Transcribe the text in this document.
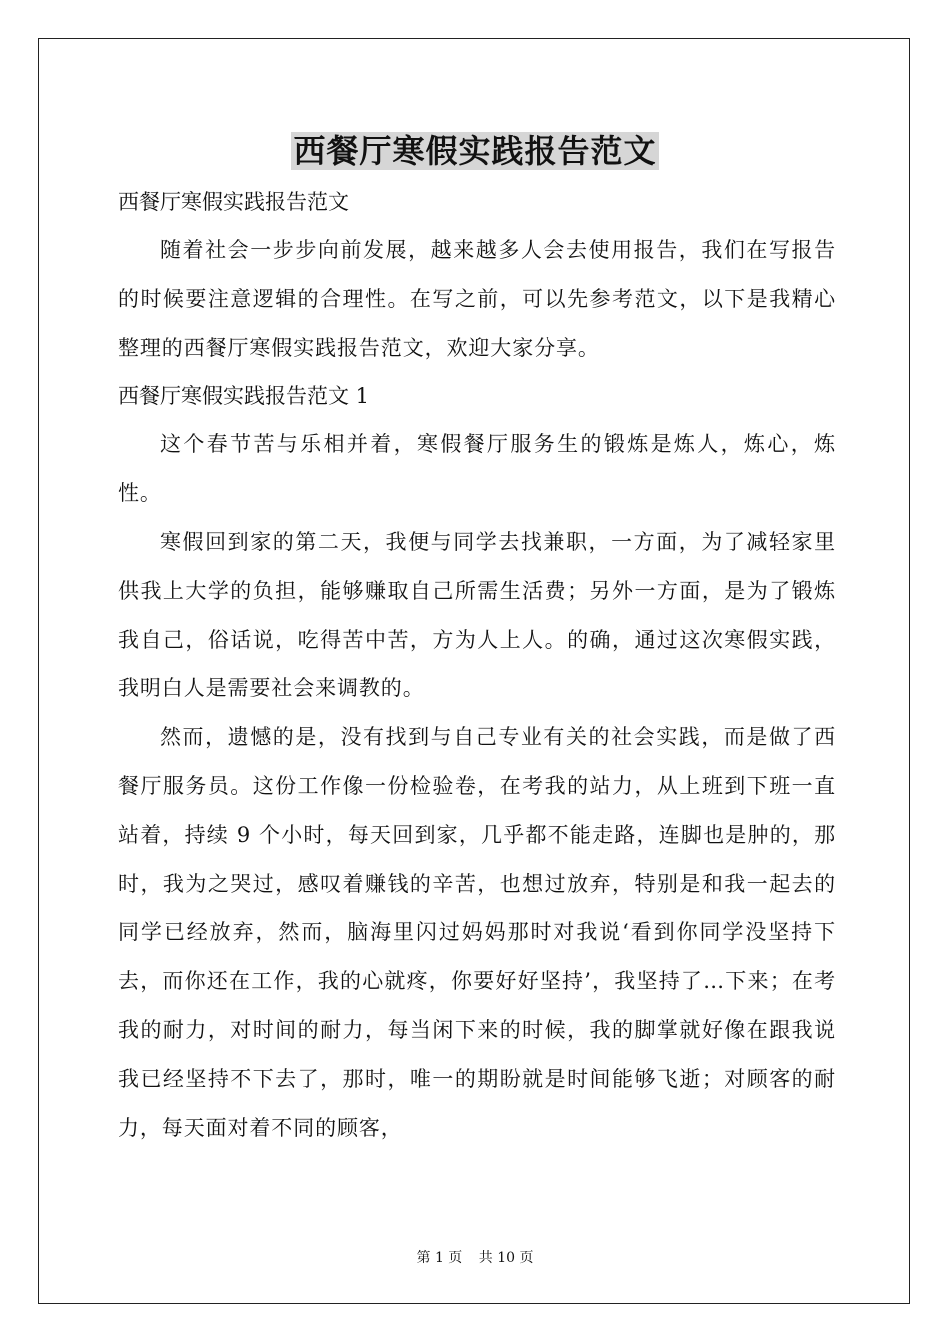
西餐厅寒假实践报告范文

西餐厅寒假实践报告范文

随着社会一步步向前发展，越来越多人会去使用报告，我们在写报告的时候要注意逻辑的合理性。在写之前，可以先参考范文，以下是我精心整理的西餐厅寒假实践报告范文，欢迎大家分享。

西餐厅寒假实践报告范文 1

这个春节苦与乐相并着，寒假餐厅服务生的锻炼是炼人，炼心，炼性。

寒假回到家的第二天，我便与同学去找兼职，一方面，为了减轻家里供我上大学的负担，能够赚取自己所需生活费；另外一方面，是为了锻炼我自己，俗话说，吃得苦中苦，方为人上人。的确，通过这次寒假实践，我明白人是需要社会来调教的。

然而，遗憾的是，没有找到与自己专业有关的社会实践，而是做了西餐厅服务员。这份工作像一份检验卷，在考我的站力，从上班到下班一直站着，持续 9 个小时，每天回到家，几乎都不能走路，连脚也是肿的，那时，我为之哭过，感叹着赚钱的辛苦，也想过放弃，特别是和我一起去的同学已经放弃，然而，脑海里闪过妈妈那时对我说‘看到你同学没坚持下去，而你还在工作，我的心就疼，你要好好坚持’，我坚持了…下来；在考我的耐力，对时间的耐力，每当闲下来的时候，我的脚掌就好像在跟我说我已经坚持不下去了，那时，唯一的期盼就是时间能够飞逝；对顾客的耐力，每天面对着不同的顾客，

第 1 页 共 10 页
